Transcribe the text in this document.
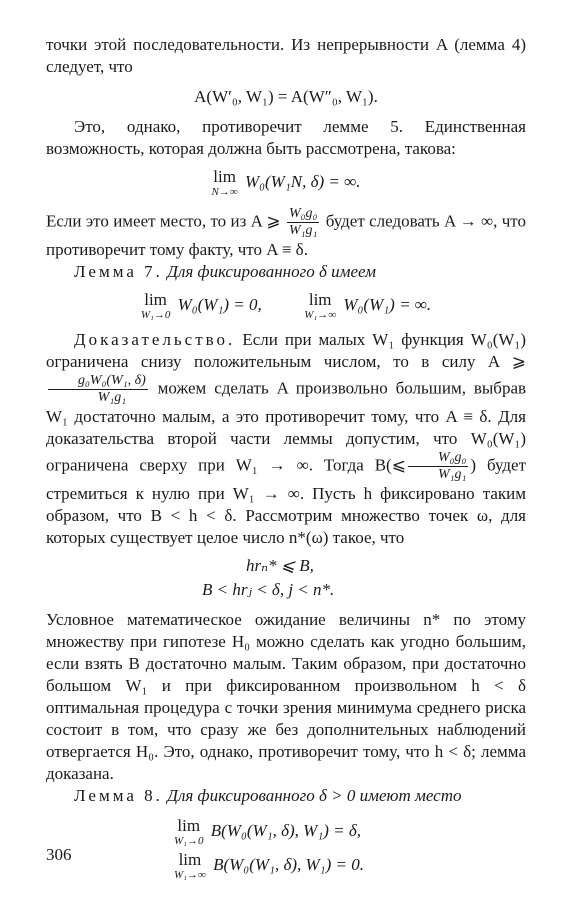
точки этой последовательности. Из непрерывности A (лемма 4) следует, что

A(W′₀, W₁) = A(W″₀, W₁).

Это, однако, противоречит лемме 5. Единственная возможность, которая должна быть рассмотрена, такова:

lim
N→∞
W₀(W₁N, δ) = ∞.

Если это имеет место, то из A ⩾ $\frac{\text{W₀g₀}}{\text{W₁g₁}}$ будет следовать A → ∞, что противоречит тому факту, что A ≡ δ.

Лемма 7. Для фиксированного δ имеем

lim
W₁→0
W₀(W₁) = 0,	lim
W₁→∞
W₀(W₁) = ∞.

Доказательство. Если при малых W₁ функция W₀(W₁) ограничена снизу положительным числом, то в силу A ⩾
$\frac{\text{g₀W₀(W₁, δ)}}{\text{W₁g₁}}$ можем сделать A произвольно большим, выбрав W₁ достаточно малым, а это противоречит тому, что A ≡ δ. Для доказательства второй части леммы допустим, что W₀(W₁) ограничена сверху при W₁ → ∞. Тогда B(⩽ $\frac{\text{W₀g₀}}{\text{W₁g₁}}$ ) будет стремиться к нулю при W₁ → ∞. Пусть h фиксировано таким образом, что B < h < δ. Рассмотрим множество точек ω, для которых существует целое число n*(ω) такое, что

hrₙ* ⩽ B,
B < hrⱼ < δ, j < n*.

Условное математическое ожидание величины n* по этому множеству при гипотезе H₀ можно сделать как угодно большим, если взять B достаточно малым. Таким образом, при достаточно большом W₁ и при фиксированном произвольном h < δ оптимальная процедура с точки зрения минимума среднего риска состоит в том, что сразу же без дополнительных наблюдений отвергается H₀. Это, однако, противоречит тому, что h < δ; лемма доказана.

Лемма 8. Для фиксированного δ > 0 имеют место

lim
W₁→0
B(W₀(W₁, δ), W₁) = δ,
lim
W₁→∞
B(W₀(W₁, δ), W₁) = 0.
306
